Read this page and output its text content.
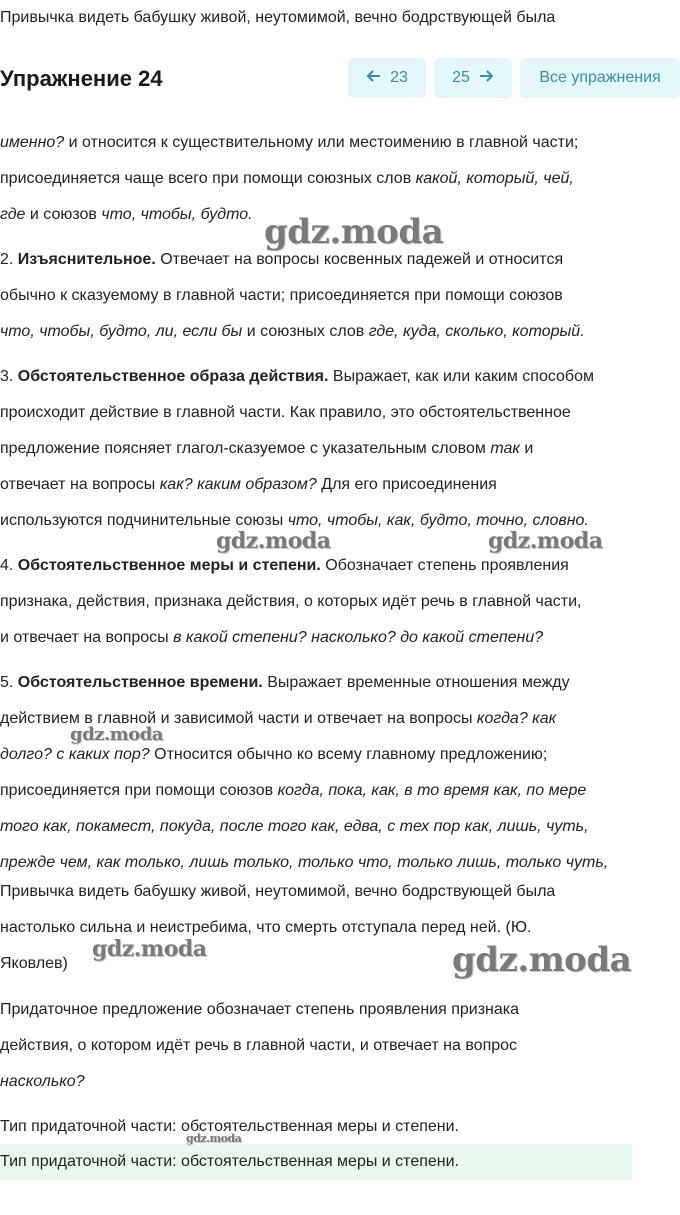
Привычка видеть бабушку живой, неутомимой, вечно бодрствующей была
Упражнение 24	23	25	Все упражнения
именно? и относится к существительному или местоимению в главной части;
присоединяется чаще всего при помощи союзных слов какой, который, чей,
где и союзов что, чтобы, будто.
2. Изъяснительное. Отвечает на вопросы косвенных падежей и относится
обычно к сказуемому в главной части; присоединяется при помощи союзов
что, чтобы, будто, ли, если бы и союзных слов где, куда, сколько, который.
3. Обстоятельственное образа действия. Выражает, как или каким способом
происходит действие в главной части. Как правило, это обстоятельственное
предложение поясняет глагол-сказуемое с указательным словом так и
отвечает на вопросы как? каким образом? Для его присоединения
используются подчинительные союзы что, чтобы, как, будто, точно, словно.
4. Обстоятельственное меры и степени. Обозначает степень проявления
признака, действия, признака действия, о которых идёт речь в главной части,
и отвечает на вопросы в какой степени? насколько? до какой степени?
5. Обстоятельственное времени. Выражает временные отношения между
действием в главной и зависимой части и отвечает на вопросы когда? как
долго? с каких пор? Относится обычно ко всему главному предложению;
присоединяется при помощи союзов когда, пока, как, в то время как, по мере
того как, покамест, покуда, после того как, едва, с тех пор как, лишь, чуть,
прежде чем, как только, лишь только, только что, только лишь, только чуть,
Привычка видеть бабушку живой, неутомимой, вечно бодрствующей была
настолько сильна и неистребима, что смерть отступала перед ней. (Ю.
Яковлев)
Придаточное предложение обозначает степень проявления признака
действия, о котором идёт речь в главной части, и отвечает на вопрос
насколько?
Тип придаточной части: обстоятельственная меры и степени.
Тип придаточной части: обстоятельственная меры и степени.
gdz.moda
gdz.moda	gdz.moda
gdz.moda
gdz.moda	gdz.moda
gdz.moda
